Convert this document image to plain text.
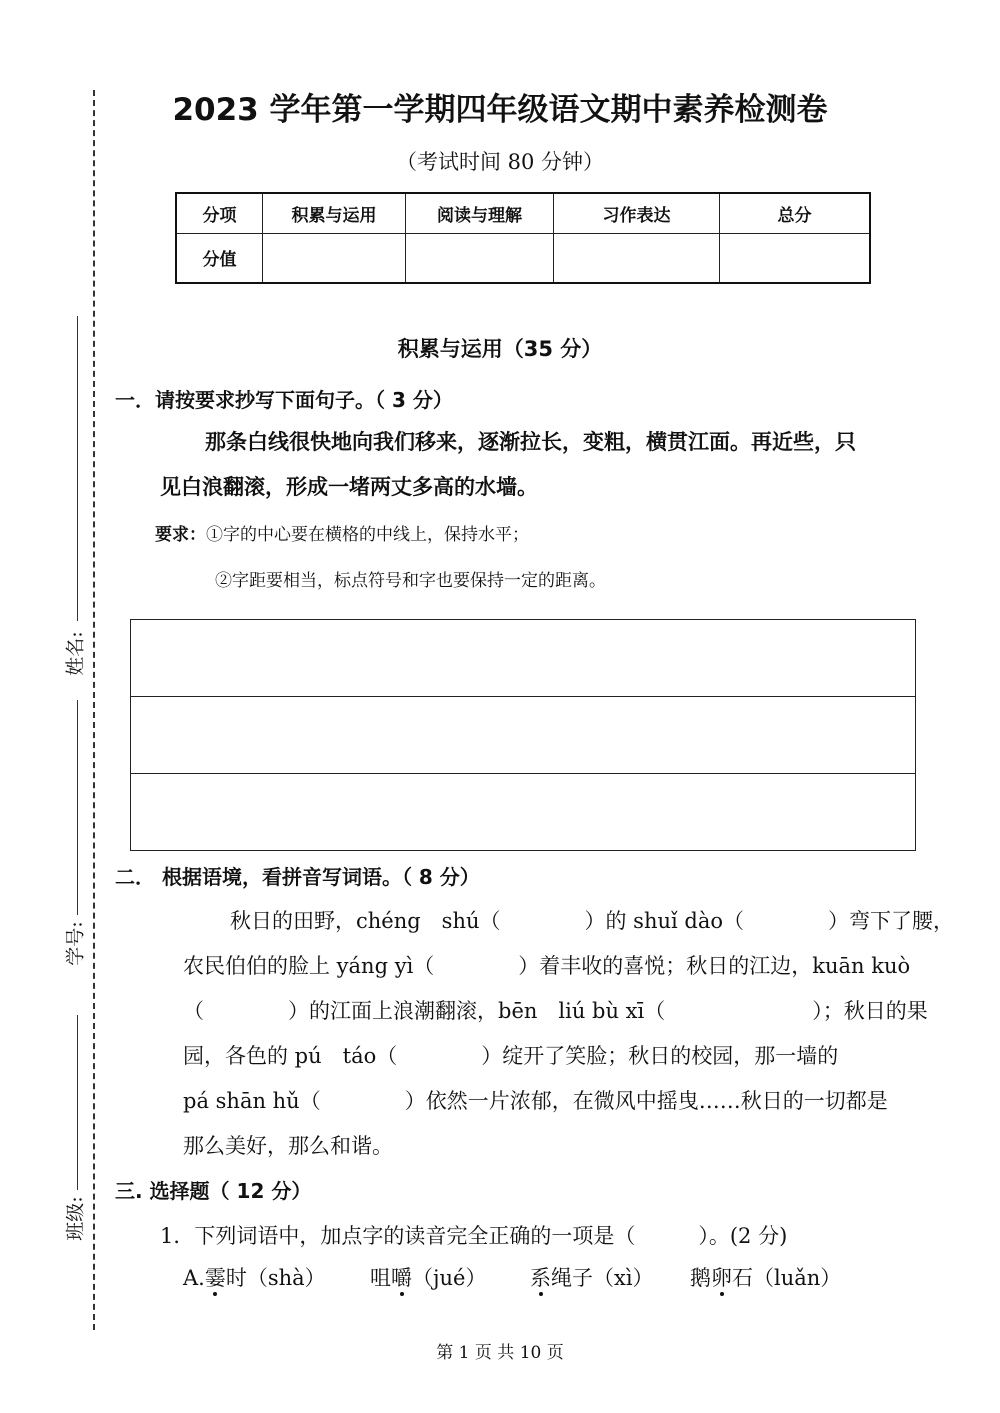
姓名:
学号:
班级:
2023 学年第一学期四年级语文期中素养检测卷
（考试时间 80 分钟）
分项	积累与运用	阅读与理解	习作表达	总分
分值				
积累与运用（35 分）
一．请按要求抄写下面句子。（ 3 分）
那条白线很快地向我们移来，逐渐拉长，变粗，横贯江面。再近些，只
见白浪翻滚，形成一堵两丈多高的水墙。
要求：①字的中心要在横格的中线上，保持水平；
②字距要相当，标点符号和字也要保持一定的距离。
二． 根据语境，看拼音写词语。（ 8 分）
秋日的田野，chéng　shú（　　　　）的 shuǐ dào（　　　　）弯下了腰，
农民伯伯的脸上 yáng yì（　　　　）着丰收的喜悦；秋日的江边，kuān kuò
（　　　　）的江面上浪潮翻滚，bēn　liú bù xī（　　　　　　　）；秋日的果
园，各色的 pú　táo（　　　　）绽开了笑脸；秋日的校园，那一墙的
pá shān hǔ（　　　　）依然一片浓郁，在微风中摇曳……秋日的一切都是
那么美好，那么和谐。
三. 选择题（ 12 分）
1．下列词语中，加点字的读音完全正确的一项是（　　　）。(2 分)
A.霎时（shà） 咀嚼（jué） 系绳子（xì） 鹅卵石（luǎn）
第 1 页 共 10 页
